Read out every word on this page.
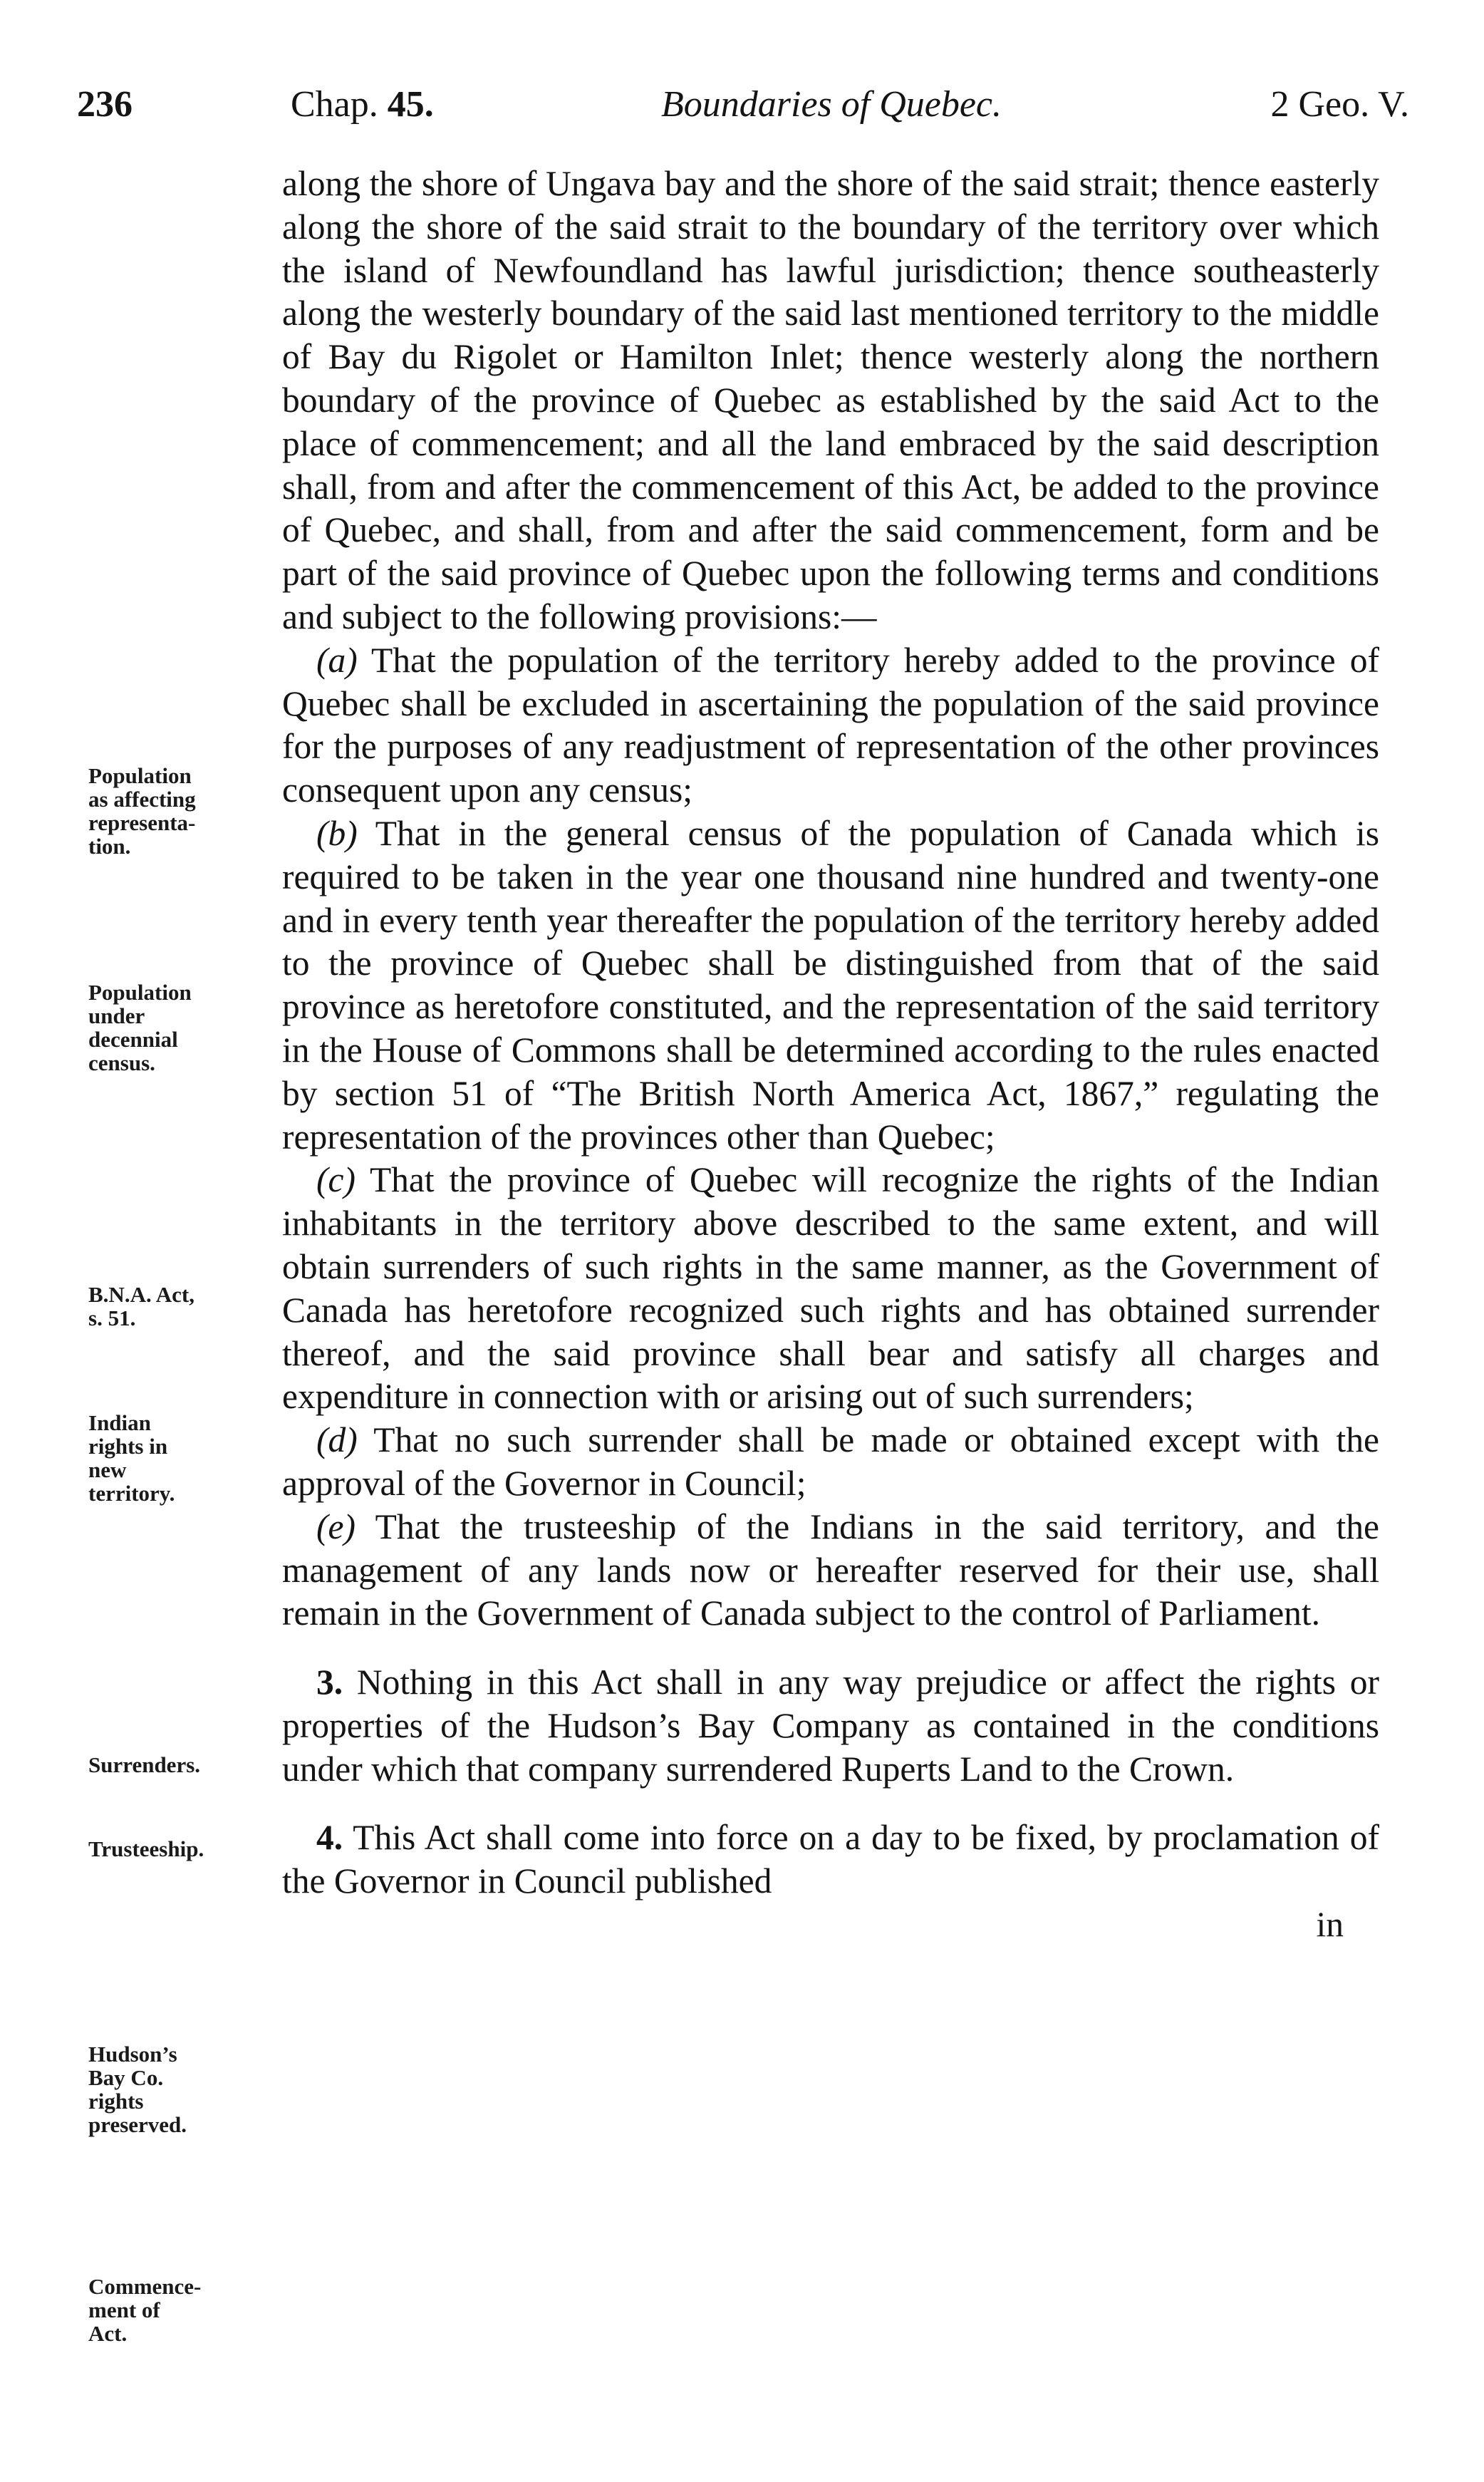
236	Chap. 45.	Boundaries of Quebec.	2 Geo. V.

along the shore of Ungava bay and the shore of the said strait; thence easterly along the shore of the said strait to the boundary of the territory over which the island of Newfoundland has lawful jurisdiction; thence southeasterly along the westerly boundary of the said last mentioned territory to the middle of Bay du Rigolet or Hamilton Inlet; thence westerly along the northern boundary of the province of Quebec as established by the said Act to the place of commencement; and all the land embraced by the said description shall, from and after the commencement of this Act, be added to the province of Quebec, and shall, from and after the said commencement, form and be part of the said province of Quebec upon the following terms and conditions and subject to the following provisions:—

(a) That the population of the territory hereby added to the province of Quebec shall be excluded in ascertaining the population of the said province for the purposes of any readjustment of representation of the other provinces consequent upon any census;

(b) That in the general census of the population of Canada which is required to be taken in the year one thousand nine hundred and twenty-one and in every tenth year thereafter the population of the territory hereby added to the province of Quebec shall be distinguished from that of the said province as heretofore constituted, and the representation of the said territory in the House of Commons shall be determined according to the rules enacted by section 51 of “The British North America Act, 1867,” regulating the representation of the provinces other than Quebec;

(c) That the province of Quebec will recognize the rights of the Indian inhabitants in the territory above described to the same extent, and will obtain surrenders of such rights in the same manner, as the Government of Canada has heretofore recognized such rights and has obtained surrender thereof, and the said province shall bear and satisfy all charges and expenditure in connection with or arising out of such surrenders;

(d) That no such surrender shall be made or obtained except with the approval of the Governor in Council;

(e) That the trusteeship of the Indians in the said territory, and the management of any lands now or hereafter reserved for their use, shall remain in the Government of Canada subject to the control of Parliament.

3. Nothing in this Act shall in any way prejudice or affect the rights or properties of the Hudson’s Bay Company as contained in the conditions under which that company surrendered Ruperts Land to the Crown.

4. This Act shall come into force on a day to be fixed, by proclamation of the Governor in Council published
in

Population
as affecting
representa-
tion.
Population
under
decennial
census.
B.N.A. Act,
s. 51.
Indian
rights in
new
territory.
Surrenders.
Trusteeship.
Hudson’s
Bay Co.
rights
preserved.
Commence-
ment of
Act.
